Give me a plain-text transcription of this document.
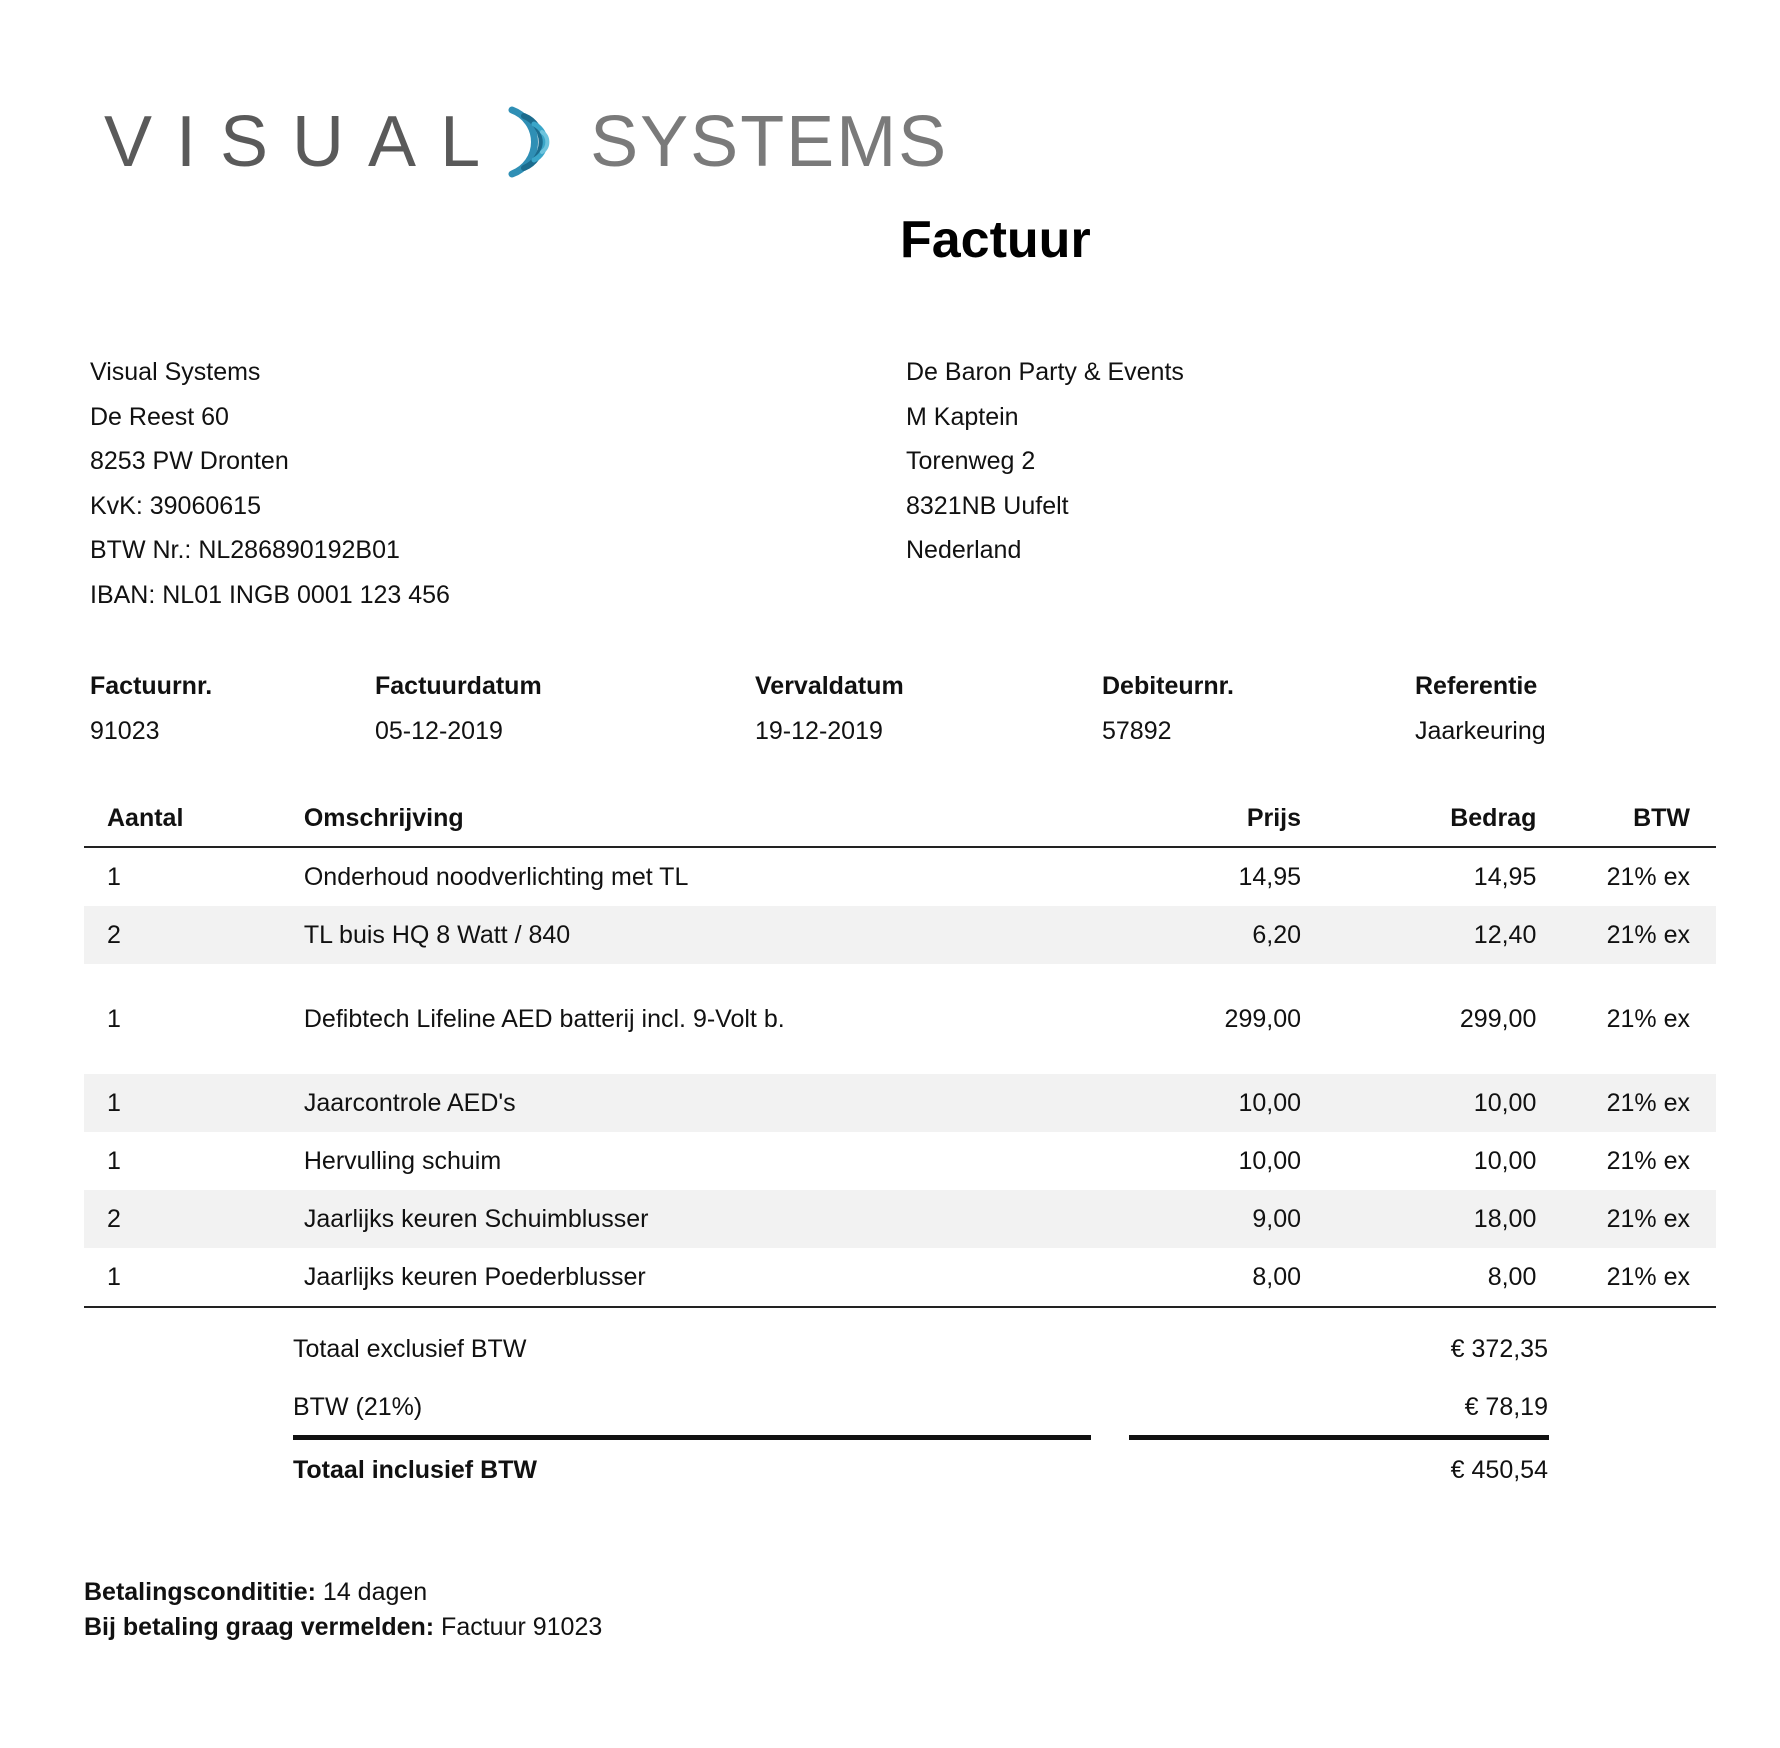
VISUAL SYSTEMS
Factuur
Visual Systems
De Reest 60
8253 PW Dronten
KvK: 39060615
BTW Nr.: NL286890192B01
IBAN: NL01 INGB 0001 123 456
De Baron Party & Events
M Kaptein
Torenweg 2
8321NB Uufelt
Nederland
Factuurnr.	Factuurdatum	Vervaldatum	Debiteurnr.	Referentie
91023	05-12-2019	19-12-2019	57892	Jaarkeuring
Aantal	Omschrijving	Prijs	Bedrag	BTW
1	Onderhoud noodverlichting met TL	14,95	14,95	21% ex
2	TL buis HQ 8 Watt / 840	6,20	12,40	21% ex
1	Defibtech Lifeline AED batterij incl. 9-Volt b.	299,00	299,00	21% ex
1	Jaarcontrole AED's	10,00	10,00	21% ex
1	Hervulling schuim	10,00	10,00	21% ex
2	Jaarlijks keuren Schuimblusser	9,00	18,00	21% ex
1	Jaarlijks keuren Poederblusser	8,00	8,00	21% ex
Totaal exclusief BTW	€ 372,35
BTW (21%)	€ 78,19
Totaal inclusief BTW	€ 450,54
Betalingscondititie: 14 dagen
Bij betaling graag vermelden: Factuur 91023
